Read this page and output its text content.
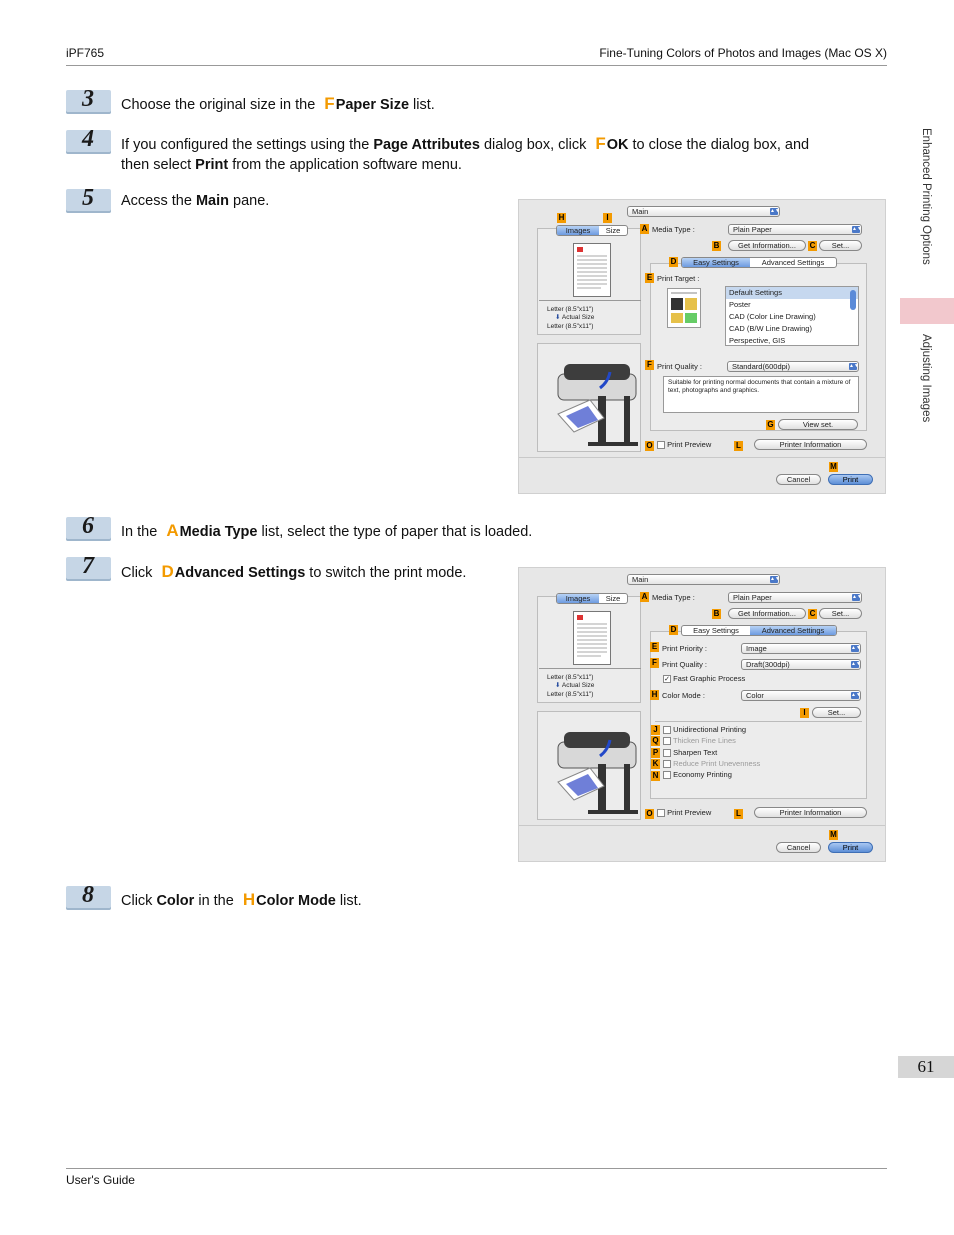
iPF765	Fine-Tuning Colors of Photos and Images (Mac OS X)
Enhanced Printing Options
Adjusting Images
61
User's Guide
3 Choose the original size in the FPaper Size list.
4 If you configured the settings using the Page Attributes dialog box, click FOK to close the dialog box, and
then select Print from the application software menu.
5 Access the Main pane.
Main	▲▼
H	I
Images	Size
Letter (8.5"x11")
⬇ Actual Size
Letter (8.5"x11")
A Media Type :	Plain Paper	▲▼
B	Get Information...	C	Set...
D	Easy Settings	Advanced Settings
E Print Target :
Default Settings
Poster
CAD (Color Line Drawing)
CAD (B/W Line Drawing)
Perspective, GIS
F Print Quality :	Standard(600dpi)	▲▼
Suitable for printing normal documents that contain a mixture of text, photographs and graphics.
G	View set.
O	Print Preview	L	Printer Information
M
Cancel	Print
6 In the AMedia Type list, select the type of paper that is loaded.
7 Click DAdvanced Settings to switch the print mode.	Main	▲▼
Images	Size
Letter (8.5"x11")
⬇ Actual Size
Letter (8.5"x11")
A Media Type :	Plain Paper	▲▼
B	Get Information...	C	Set...
D	Easy Settings	Advanced Settings
E Print Priority :	Image	▲▼
F Print Quality :	Draft(300dpi)	▲▼
✓ Fast Graphic Process
H Color Mode :	Color	▲▼
I	Set...
J	Unidirectional Printing
Q	Thicken Fine Lines
P	Sharpen Text
K	Reduce Print Unevenness
N	Economy Printing
O	Print Preview	L	Printer Information
M
Cancel	Print
8 Click Color in the HColor Mode list.
